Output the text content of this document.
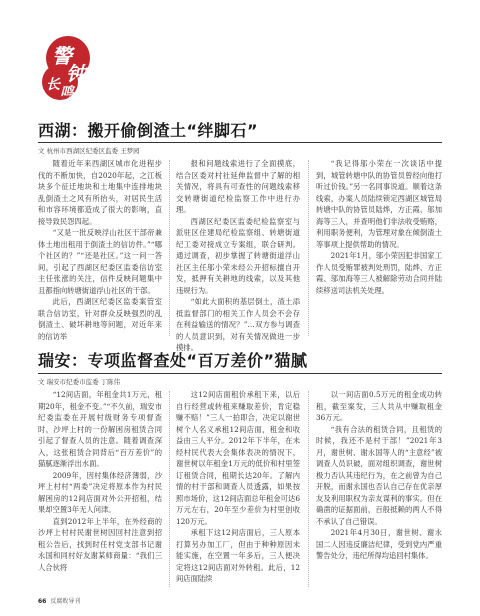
警
钟
长 鸣
西湖：搬开偷倒渣土“绊脚石”
文 杭州市西湖区纪委区监委 王梦园

随着近年来西湖区城市化进程步伐的不断加快，自2020年起，之江板块多个征迁地块和土地集中连排地块乱倒渣土之风有所抬头，对居民生活和市容环境都造成了很大的影响，直接导致民怨四起。

“又是一批反映浮山社区干部帝兼体土地出租用于倒渣土的信访件。”“哪个社区的？”“还是社区。”这一问一答间，引起了西湖区纪委区监委信访室主任张涨的关注，信件反映问题集中且都指向转塘街道浮山社区的干部。

此后，西湖区纪委区监委案管室联合信访室，针对群众反映强烈的乱倒渣土、破坏耕地等问题，对近年来的信访举

报和问题线索进行了全面摸底，结合区委对村社延伸监督中了解的相关情况，将具有可查性的问题线索移交转塘街道纪检监察工作中进行办理。

西湖区纪委区监委纪检监察室与派驻区住建局纪检监察组、转塘街道纪工委对接成立专案组，联合研判。通过调查，初步掌握了转塘街道浮山社区主任邬小荣未经公开招标擅自开发，抵押有关耕地的线索，以及其他违规行为。

“如此大面积的基层倒土，渣土添抵监督部门的相关工作人员会不会存在利益输送的情况？”…双方参与调查的人员意识到，对有关情况做进一步摸排。

“我记得邬小荣在一次谈话中提到，城管转塘中队的协管员曾经向他打听过价钱。”另一名同事说道。顺着这条线索，办案人员陆续锁定西湖区城管局转塘中队的协管员陆烨，方正霞、邬加海等三人，并查明他们非法收受贿赂，利用职务便利，为管理对象在倾倒渣土等事项上提供帮助的情况。

2021年1月，邬小荣因犯非国家工作人员受贿罪被判处刑罚，陆烨、方正霞、邬加海等三人被解除劳动合同并陆续移送司法机关处理。

瑞安：专项监督查处“百万差价”猫腻
文 瑞安市纪委市监委 丁陈伟

“12间店面，年租金共1万元，租期20年，租金不变。”“不久前，瑞安市纪委监委在开展村级财务专项督查时，沙坪上村的一份解困房租赁合同引起了督查人员的注意。随着调查深入，这张租赁合同背后“百万差价”的猫腻逐渐浮出水面。

2009年，因村集体经济薄弱，沙坪上村村“两委”决定将原本作为村民解困房的12间店面对外公开招租，结果却空置3年无人问津。

直到2012年上半年，在外经商的沙坪上村村民谢世树因回村注意到招租公告后，找到时任村党支部书记谢永国和同村好友谢某师商量：“我们三人合伙将

这12间店面租价承租下来，以后自行经营或转租来赚取差价，肯定稳赚不赔！”三人一拍即合，决定以谢世树个人名义承租12间店面，租金和收益由三人平分。2012年下半年，在未经村民代表大会集体表决的情况下，谢世树以年租金1万元的低价和村里签订租赁合同，租期长达20年。了解内情的村干部和调查人员透露，如果按照市场价，这12间店面总年租金可达6万元左右，20年至少差价为村里创收120万元。

承租下这12间店面后，三人原本打算另办加工厂，但由于种种原因未能实施，在空置一年多后，三人便决定将这12间店面对外转租。此后，12间店面陆续

以一间店面0.5万元的租金成功转租，截至案发，三人共从中赚取租金36万元。

“我有合法的租赁合同，且租赁的时候，我还不是村干部！”2021年3月，谢世树、谢永国等人的“主意经”被调查人员识破，面对组织调查，谢世树极力否认其违纪行为，在之前曾为自己开脱，而谢永国也否认自己存在优亲厚友及利用职权为亲友谋利的事实。但在确凿的证据面前，百般抵赖的两人不得不承认了自己错误。

2021年4月30日，谢世树、谢永国二人因违反廉洁纪律，受到党内严重警告处分，违纪所得均追回村集体。

66 反腐败导刊
